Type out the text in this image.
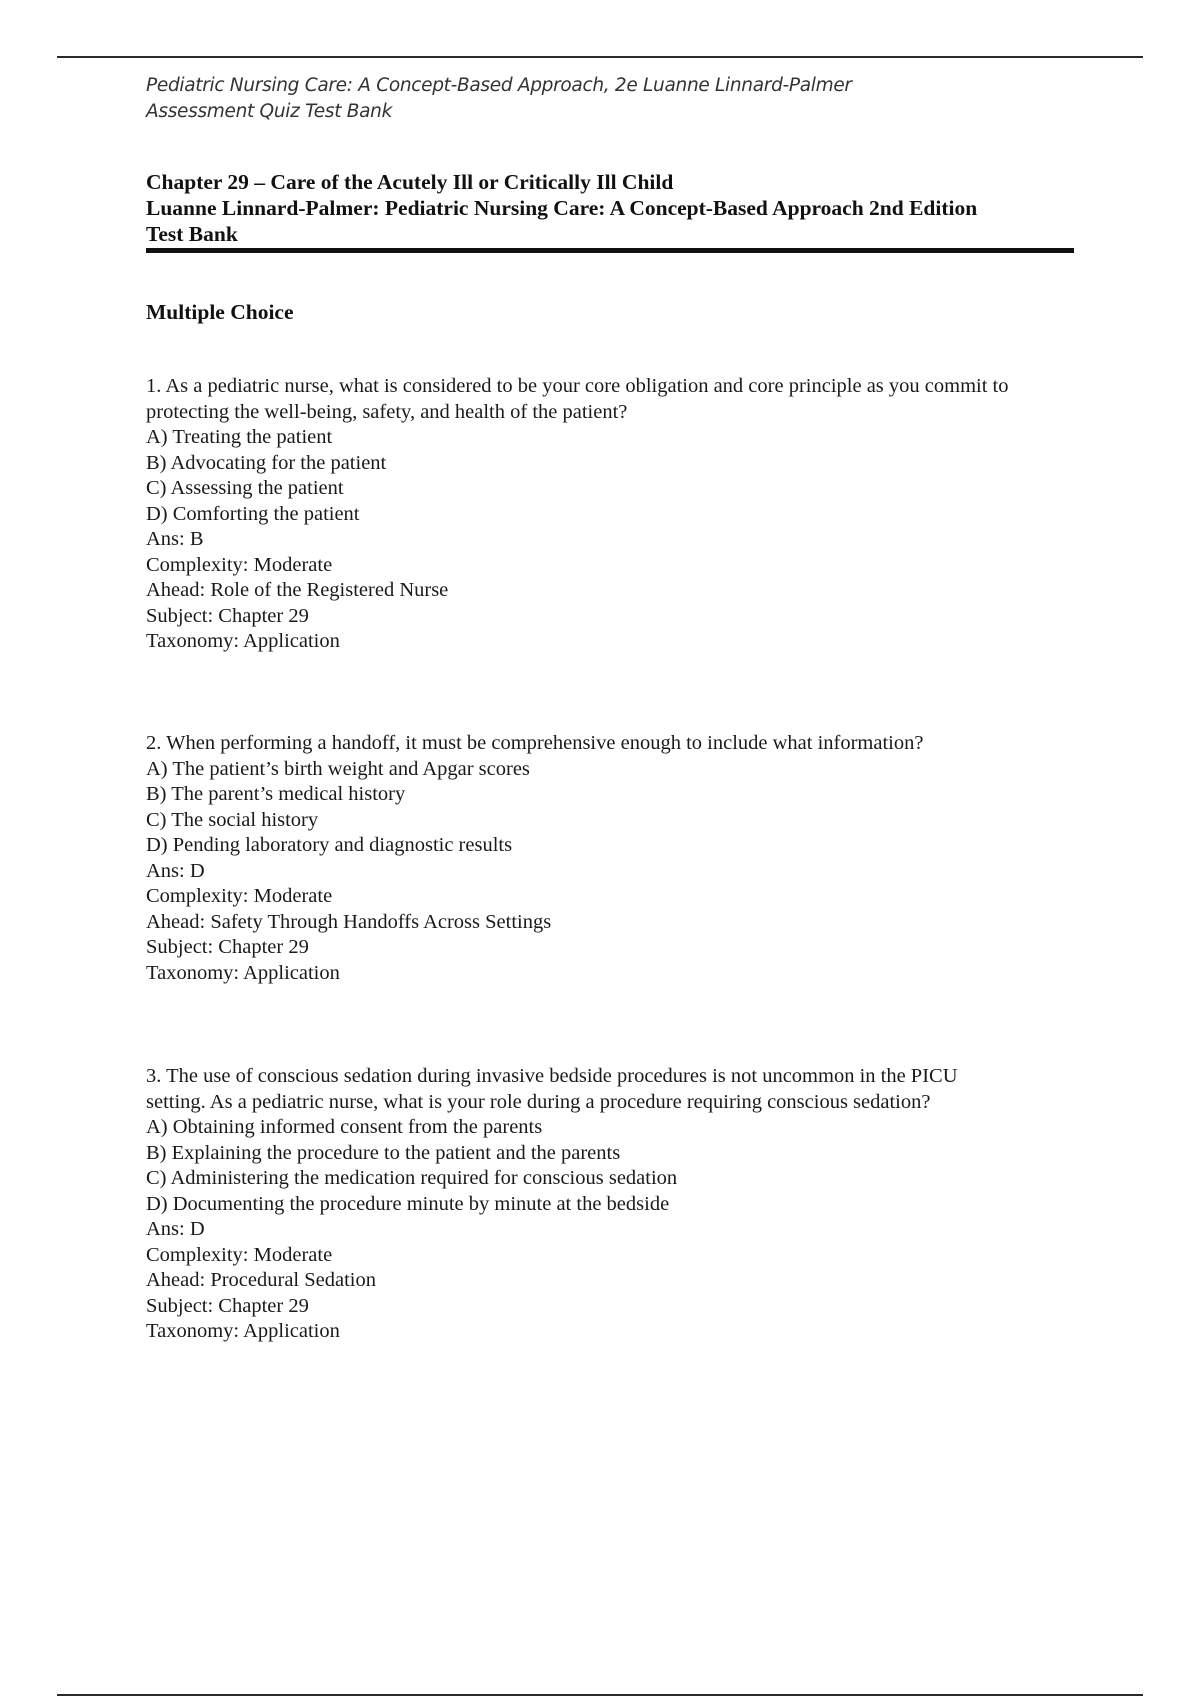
Pediatric Nursing Care: A Concept-Based Approach, 2e Luanne Linnard-Palmer
Assessment Quiz Test Bank
Chapter 29 – Care of the Acutely Ill or Critically Ill Child
Luanne Linnard-Palmer: Pediatric Nursing Care: A Concept-Based Approach 2nd Edition
Test Bank
Multiple Choice
1. As a pediatric nurse, what is considered to be your core obligation and core principle as you commit to
protecting the well-being, safety, and health of the patient?
A) Treating the patient
B) Advocating for the patient
C) Assessing the patient
D) Comforting the patient
Ans: B
Complexity: Moderate
Ahead: Role of the Registered Nurse
Subject: Chapter 29
Taxonomy: Application
2. When performing a handoff, it must be comprehensive enough to include what information?
A) The patient’s birth weight and Apgar scores
B) The parent’s medical history
C) The social history
D) Pending laboratory and diagnostic results
Ans: D
Complexity: Moderate
Ahead: Safety Through Handoffs Across Settings
Subject: Chapter 29
Taxonomy: Application
3. The use of conscious sedation during invasive bedside procedures is not uncommon in the PICU
setting. As a pediatric nurse, what is your role during a procedure requiring conscious sedation?
A) Obtaining informed consent from the parents
B) Explaining the procedure to the patient and the parents
C) Administering the medication required for conscious sedation
D) Documenting the procedure minute by minute at the bedside
Ans: D
Complexity: Moderate
Ahead: Procedural Sedation
Subject: Chapter 29
Taxonomy: Application
